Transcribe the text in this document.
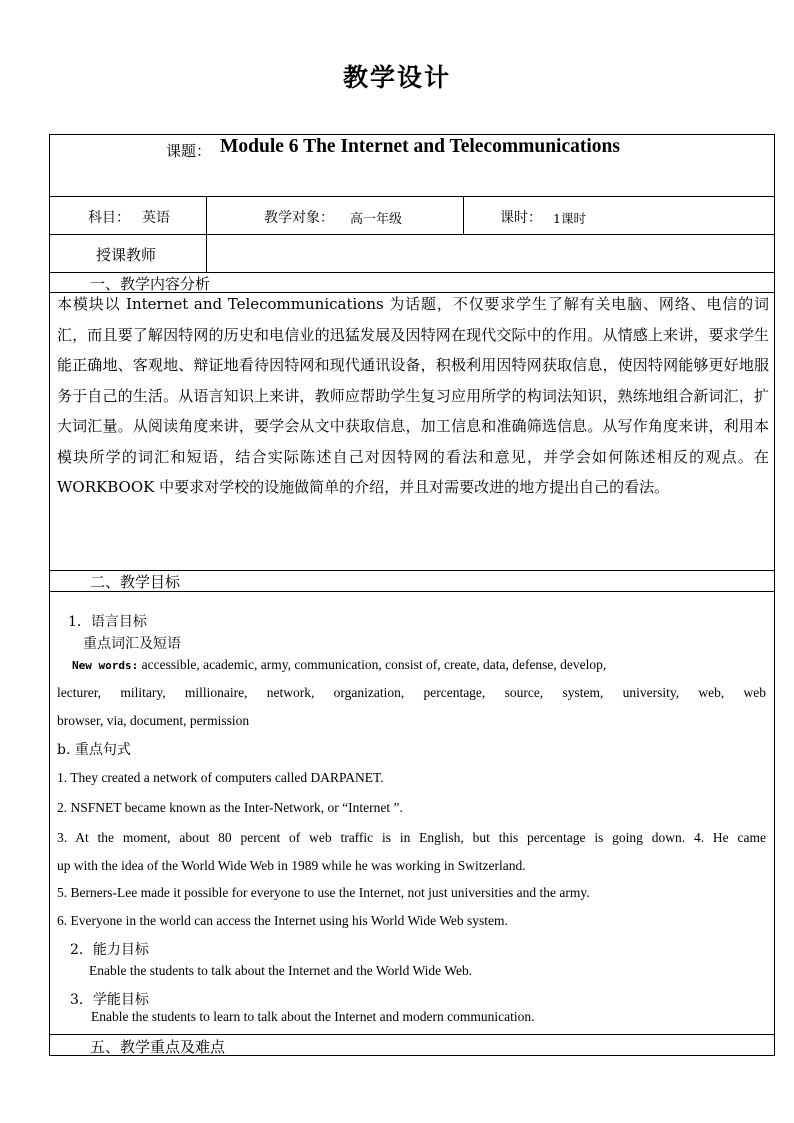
教学设计
课题： Module 6 The Internet and Telecommunications
科目： 英语	教学对象： 高一年级	课时： 1课时
授课教师
一、教学内容分析
本模块以 Internet and Telecommunications 为话题，不仅要求学生了解有关电脑、网络、电信的词汇，而且要了解因特网的历史和电信业的迅猛发展及因特网在现代交际中的作用。从情感上来讲，要求学生能正确地、客观地、辩证地看待因特网和现代通讯设备，积极利用因特网获取信息，使因特网能够更好地服务于自己的生活。从语言知识上来讲，教师应帮助学生复习应用所学的构词法知识，熟练地组合新词汇，扩大词汇量。从阅读角度来讲，要学会从文中获取信息，加工信息和准确筛选信息。从写作角度来讲，利用本模块所学的词汇和短语，结合实际陈述自己对因特网的看法和意见，并学会如何陈述相反的观点。在 WORKBOOK 中要求对学校的设施做简单的介绍，并且对需要改进的地方提出自己的看法。
二、教学目标
1．语言目标
重点词汇及短语
New words: accessible, academic, army, communication, consist of, create, data, defense, develop,
lecturer, military, millionaire, network, organization, percentage, source, system, university, web, web
browser, via, document, permission
b. 重点句式
1. They created a network of computers called DARPANET.
2. NSFNET became known as the Inter-Network, or “Internet ”.
3. At the moment, about 80 percent of web traffic is in English, but this percentage is going down. 4. He came
up with the idea of the World Wide Web in 1989 while he was working in Switzerland.
5. Berners-Lee made it possible for everyone to use the Internet, not just universities and the army.
6. Everyone in the world can access the Internet using his World Wide Web system.
2．能力目标
Enable the students to talk about the Internet and the World Wide Web.
3．学能目标
Enable the students to learn to talk about the Internet and modern communication.
五、教学重点及难点
